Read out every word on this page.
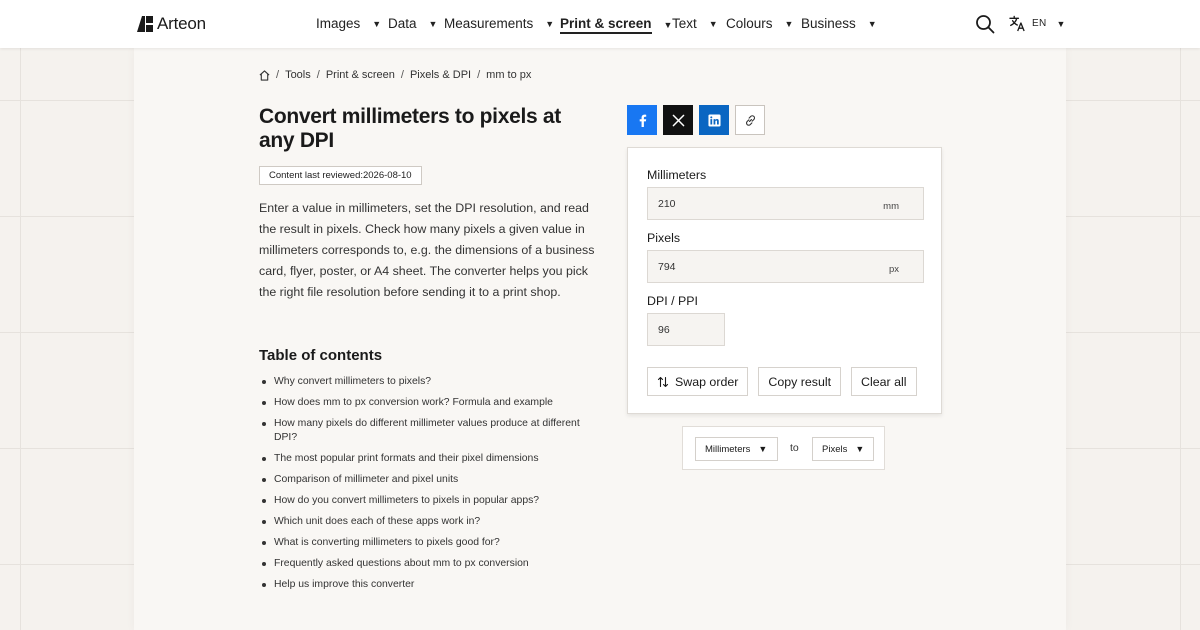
Arteon	Images ▼ Data ▼ Measurements ▼ Print & screen ▼ Text ▼ Colours ▼ Business ▼	EN ▼
/ Tools / Print & screen / Pixels & DPI / mm to px
Convert millimeters to pixels at any DPI
Content last reviewed:2026-08-10

Enter a value in millimeters, set the DPI resolution, and read the result in pixels. Check how many pixels a given value in millimeters corresponds to, e.g. the dimensions of a business card, flyer, poster, or A4 sheet. The converter helps you pick the right file resolution before sending it to a print shop.

Table of contents
Why convert millimeters to pixels?
How does mm to px conversion work? Formula and example
How many pixels do different millimeter values produce at different DPI?
The most popular print formats and their pixel dimensions
Comparison of millimeter and pixel units
How do you convert millimeters to pixels in popular apps?
Which unit does each of these apps work in?
What is converting millimeters to pixels good for?
Frequently asked questions about mm to px conversion
Help us improve this converter
Millimeters
210
mm
Pixels
794
px
DPI / PPI
96
Swap order Copy result Clear all
Millimeters ▼ to Pixels ▼
